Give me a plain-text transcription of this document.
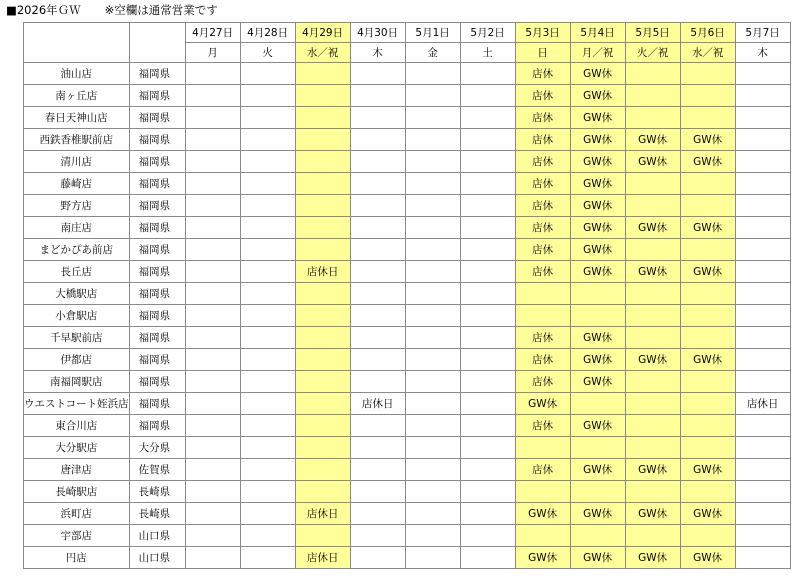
■2026年ＧＷ ※空欄は通常営業です
		4月27日	4月28日	4月29日	4月30日	5月1日	5月2日	5月3日	5月4日	5月5日	5月6日	5月7日
		月	火	水／祝	木	金	土	日	月／祝	火／祝	水／祝	木
油山店	福岡県							店休	GW休			
南ヶ丘店	福岡県							店休	GW休			
春日天神山店	福岡県							店休	GW休			
西鉄香椎駅前店	福岡県							店休	GW休	GW休	GW休	
清川店	福岡県							店休	GW休	GW休	GW休	
藤崎店	福岡県							店休	GW休			
野方店	福岡県							店休	GW休			
南庄店	福岡県							店休	GW休	GW休	GW休	
まどかぴあ前店	福岡県							店休	GW休			
長丘店	福岡県			店休日				店休	GW休	GW休	GW休	
大橋駅店	福岡県											
小倉駅店	福岡県											
千早駅前店	福岡県							店休	GW休			
伊都店	福岡県							店休	GW休	GW休	GW休	
南福岡駅店	福岡県							店休	GW休			
ウエストコート姪浜店	福岡県				店休日			GW休				店休日
東合川店	福岡県							店休	GW休			
大分駅店	大分県											
唐津店	佐賀県							店休	GW休	GW休	GW休	
長崎駅店	長崎県											
浜町店	長崎県			店休日				GW休	GW休	GW休	GW休	
宇部店	山口県											
円店	山口県			店休日				GW休	GW休	GW休	GW休	
